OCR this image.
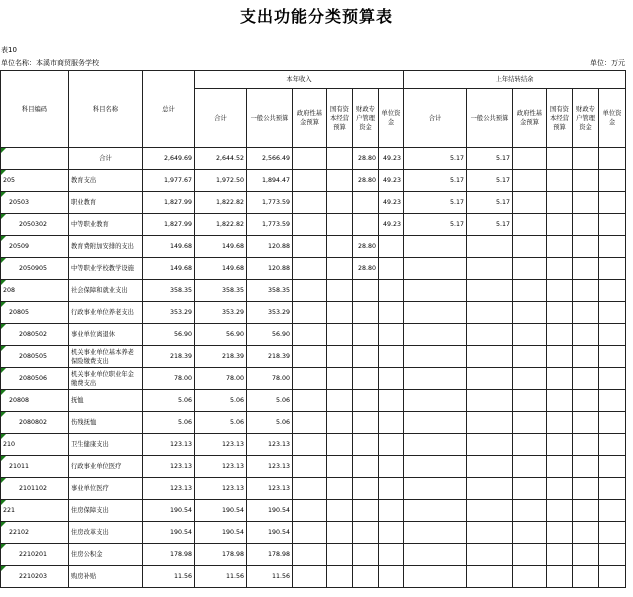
支出功能分类预算表
表10
单位名称：本溪市商贸服务学校	单位：万元
科目编码	科目名称	总计	本年收入						上年结转结余					
			合计	一般公共预算	政府性基金预算	国有资本经营预算	财政专户管理资金	单位资金	合计	一般公共预算	政府性基金预算	国有资本经营预算	财政专户管理资金	单位资金
	合计	2,649.69	2,644.52	2,566.49			28.80	49.23	5.17	5.17				
205	教育支出	1,977.67	1,972.50	1,894.47			28.80	49.23	5.17	5.17				
20503	职业教育	1,827.99	1,822.82	1,773.59				49.23	5.17	5.17				
2050302	中等职业教育	1,827.99	1,822.82	1,773.59				49.23	5.17	5.17				
20509	教育费附加安排的支出	149.68	149.68	120.88			28.80							
2050905	中等职业学校教学设施	149.68	149.68	120.88			28.80							
208	社会保障和就业支出	358.35	358.35	358.35										
20805	行政事业单位养老支出	353.29	353.29	353.29										
2080502	事业单位离退休	56.90	56.90	56.90										
2080505	机关事业单位基本养老保险缴费支出	218.39	218.39	218.39										
2080506	机关事业单位职业年金缴费支出	78.00	78.00	78.00										
20808	抚恤	5.06	5.06	5.06										
2080802	伤残抚恤	5.06	5.06	5.06										
210	卫生健康支出	123.13	123.13	123.13										
21011	行政事业单位医疗	123.13	123.13	123.13										
2101102	事业单位医疗	123.13	123.13	123.13										
221	住房保障支出	190.54	190.54	190.54										
22102	住房改革支出	190.54	190.54	190.54										
2210201	住房公积金	178.98	178.98	178.98										
2210203	购房补贴	11.56	11.56	11.56										
